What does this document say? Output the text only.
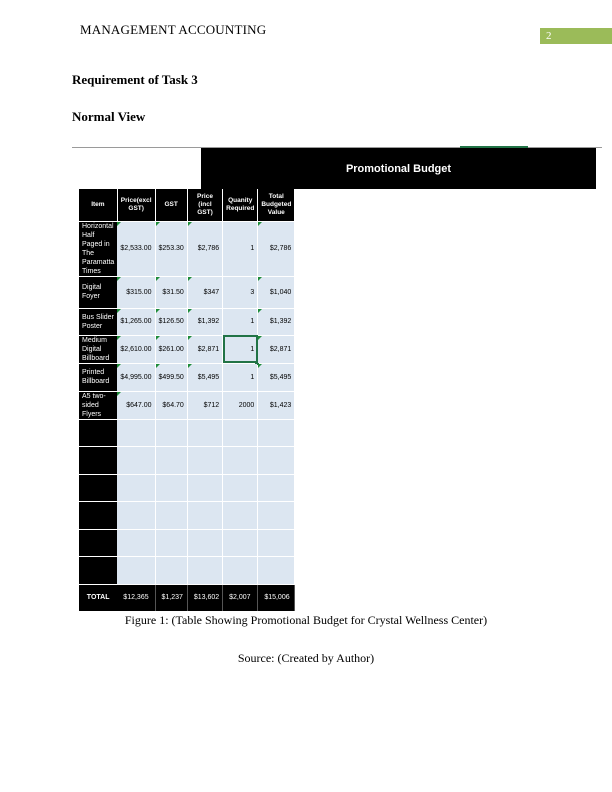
MANAGEMENT ACCOUNTING	2
Requirement of Task 3
Normal View
Promotional Budget
Item	Price(excl GST)	GST	Price (incl GST)	Quanity Required	Total Budgeted Value
Horizontal Half Paged in The Paramatta Times	$2,533.00	$253.30	$2,786	1	$2,786
Digital Foyer	$315.00	$31.50	$347	3	$1,040
Bus Slider Poster	$1,265.00	$126.50	$1,392	1	$1,392
Medium Digital Billboard	$2,610.00	$261.00	$2,871	1	$2,871
Printed Billboard	$4,995.00	$499.50	$5,495	1	$5,495
A5 two-sided Flyers	$647.00	$64.70	$712	2000	$1,423

TOTAL	$12,365	$1,237	$13,602	$2,007	$15,006
Figure 1: (Table Showing Promotional Budget for Crystal Wellness Center)
Source: (Created by Author)
